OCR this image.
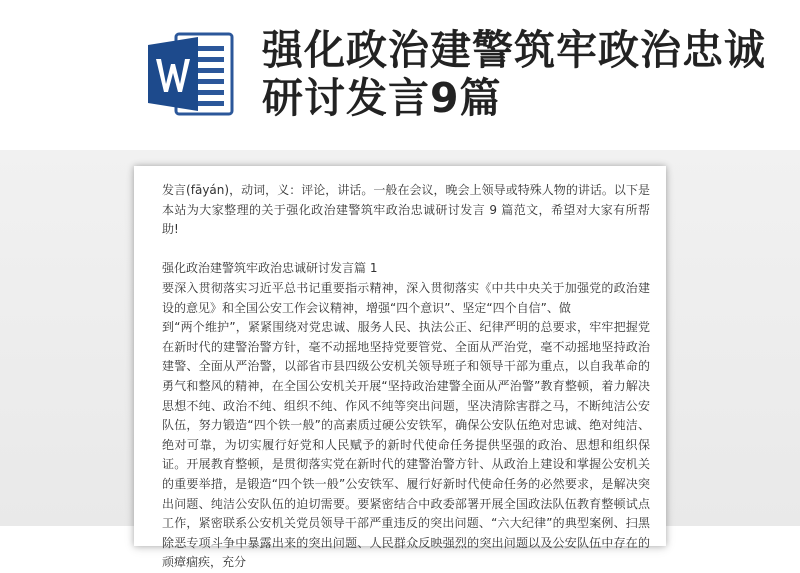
强化政治建警筑牢政治忠诚研讨发言9篇

发言(fāyán)，动词，义：评论，讲话。一般在会议，晚会上领导或特殊人物的讲话。以下是本站为大家整理的关于强化政治建警筑牢政治忠诚研讨发言 9 篇范文，希望对大家有所帮助!

强化政治建警筑牢政治忠诚研讨发言篇 1

要深入贯彻落实习近平总书记重要指示精神，深入贯彻落实《中共中央关于加强党的政治建设的意见》和全国公安工作会议精神，增强“四个意识”、坚定“四个自信”、做

到“两个维护”，紧紧围绕对党忠诚、服务人民、执法公正、纪律严明的总要求，牢牢把握党在新时代的建警治警方针，毫不动摇地坚持党要管党、全面从严治党，毫不动摇地坚持政治建警、全面从严治警，以部省市县四级公安机关领导班子和领导干部为重点，以自我革命的勇气和整风的精神，在全国公安机关开展“坚持政治建警全面从严治警”教育整顿，着力解决思想不纯、政治不纯、组织不纯、作风不纯等突出问题，坚决清除害群之马，不断纯洁公安队伍，努力锻造“四个铁一般”的高素质过硬公安铁军，确保公安队伍绝对忠诚、绝对纯洁、绝对可靠，为切实履行好党和人民赋予的新时代使命任务提供坚强的政治、思想和组织保证。开展教育整顿，是贯彻落实党在新时代的建警治警方针、从政治上建设和掌握公安机关的重要举措，是锻造“四个铁一般”公安铁军、履行好新时代使命任务的必然要求，是解决突出问题、纯洁公安队伍的迫切需要。要紧密结合中政委部署开展全国政法队伍教育整顿试点工作，紧密联系公安机关党员领导干部严重违反的突出问题、“六大纪律”的典型案例、扫黑除恶专项斗争中暴露出来的突出问题、人民群众反映强烈的突出问题以及公安队伍中存在的顽瘴痼疾，充分
